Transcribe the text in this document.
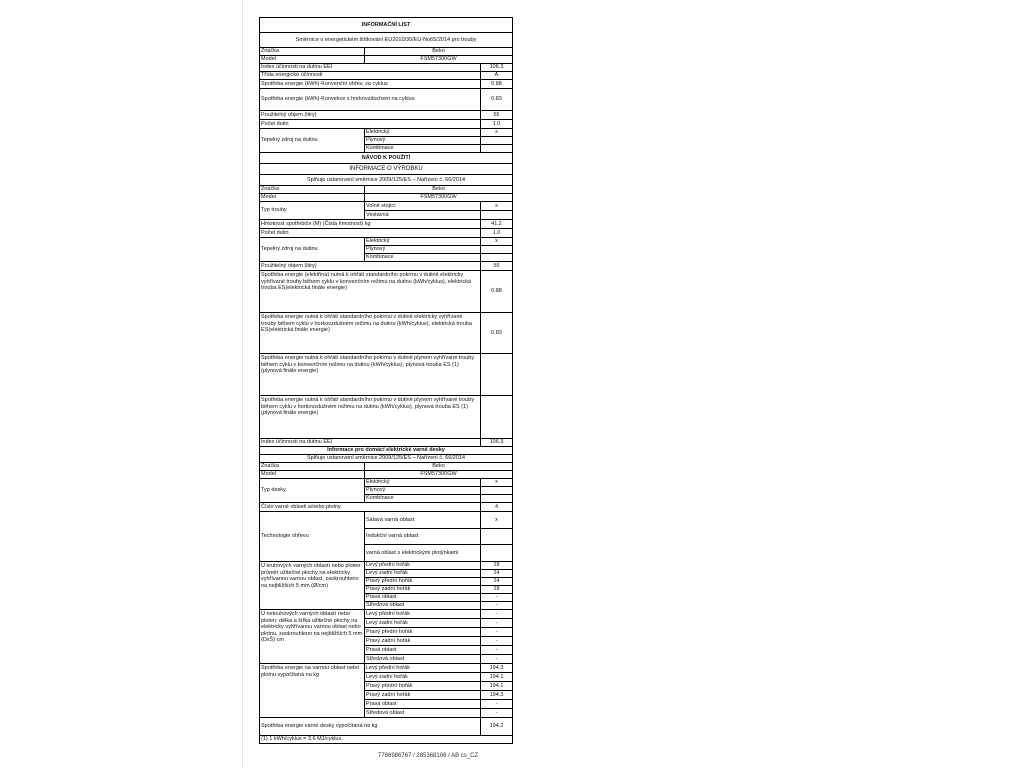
INFORMAČNÍ LIST		
Směrnice o energetickém štítkování EU2010/30/EU-No65/2014 pro trouby		
Značka	Beko	
Model	FSM57300GW	
Index účinnosti na dutinu EEI		106.3
Třída energické účinnosti		A
Spotřeba energie (kWh)-Konvenční ohřev, za cyklus		0.88
Spotřeba energie (kWh)-Konvekce s horkovzduchem na cyklus		0.83
Použitelný objem (litry)		55
Počet dutin		1.0
Tepelný zdroj na dutinu	Elektrický	x
	Plynový	
	Kombinace	
NÁVOD K POUŽITÍ		
INFORMACE O VÝROBKU		
Splňuje ustanovení směrnice 2009/125/ES – Nařízení č. 66/2014		
Značka	Beko	
Model	FSM57300GW	
Typ trouby	Volně stojící	x
	Vestavná	
Hmotnost spotřebiče (M) (Čistá hmotnost) kg		41.2
Počet dutin		1.0
Tepelný zdroj na dutinu	Elektrický	x
	Plynový	
	Kombinace	
Použitelný objem (litry)		55
Spotřeba energie (elektřina) nutná k ohřátí standardního pokrmu v dutině elektricky vyhřívané trouby během cyklu v konvenčním režimu na dutinu (kWh/cyklus), elektrická trouba ES(elektrická finále energie)		0.88
Spotřeba energie nutná k ohřátí standardního pokrmu v dutině elektricky vyhřívané trouby během cyklu v horkovzdušném režimu na dutinu (kWh/cyklus), elektrická trouba ES(elektrická finále energie)		0.83
Spotřeba energie nutná k ohřátí standardního pokrmu v dutině plynem vyhřívané trouby během cyklu v konvenčním režimu na dutinu (kWh/cyklus), plynová trouba ES (1)(plynová finále energie)		
Spotřeba energie nutná k ohřátí standardního pokrmu v dutině plynem vyhřívané trouby během cyklu v horkovzdušném režimu na dutinu (kWh/cyklus), plynová trouba ES (1)(plynová finále energie)		
Index účinnosti na dutinu EEI		106.3
Informace pro domácí elektrické varné desky		
Splňuje ustanovení směrnice 2009/125/ES – Nařízení č. 66/2014		
Značka	Beko	
Model	FSM57300GW	
Typ desky	Elektrický	x
	Plynový	
	Kombinace	
Číslo varné oblasti a/nebo plotny		4
Technologie ohřevu	Sálavá varná oblast	x
	Indukční varná oblast	
	varná oblast s elektrickými plotýnkami	
U kruhových varných oblastí nebo ploten: průměr užitečné plochy na elektricky vyhřívanou varnou oblast, zaokrouhleno na nejbližších 5 mm (Ø/cm)	Levý přední hořák	18
	Levý zadní hořák	14
	Pravý přední hořák	14
	Pravý zadní hořák	18
	Pravá oblast	-
	Středová oblast	-
U nekruhových varných oblastí nebo ploten: délka a šířka užitečné plochy na elektricky vyhřívanou varnou oblast nebo plotnu, zaokrouhleno na nejbližších 5 mm (DxŠ) cm	Levý přední hořák	-
	Levý zadní hořák	-
	Pravý přední hořák	-
	Pravý zadní hořák	-
	Pravá oblast	-
	Středová oblast	-
Spotřeba energie na varnou oblast nebo plotnu vypočítaná na kg	Levý přední hořák	194.3
	Levý zadní hořák	194.1
	Pravý přední hořák	194.1
	Pravý zadní hořák	194.3
	Pravá oblast	-
	Středová oblast	-
Spotřeba energie varné desky vypočítaná na kg		194.2
(1) 1 kWh/cyklus = 3.6 MJ/cyklus.		
7786986767 / 285368106 / AB cs_CZ
